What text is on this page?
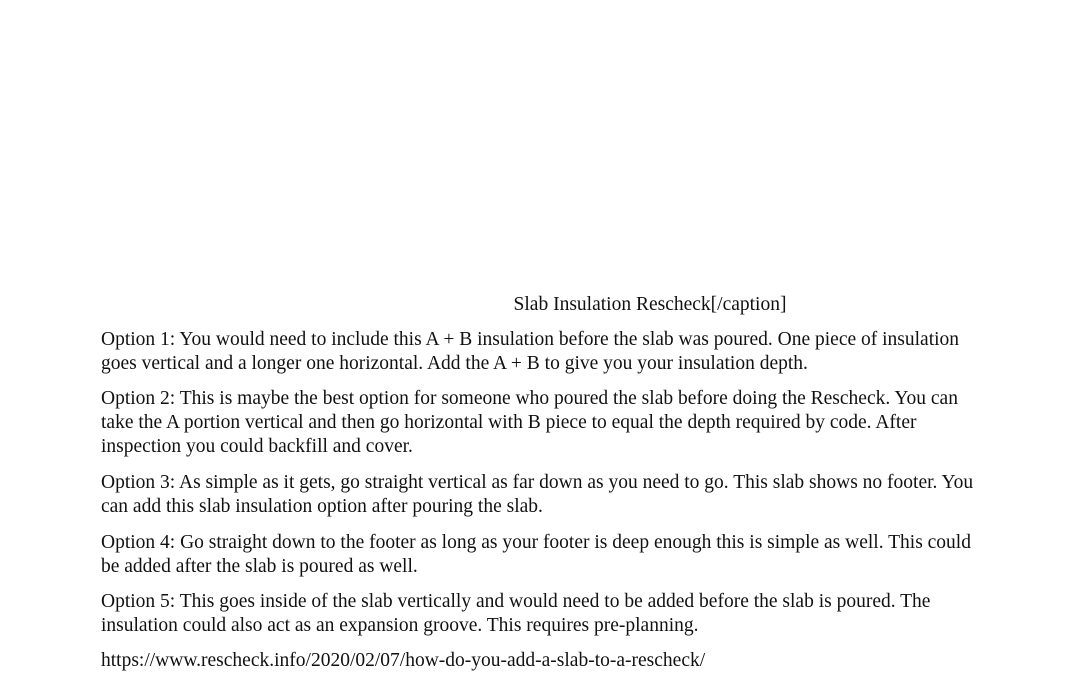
Slab Insulation Rescheck[/caption]

Option 1: You would need to include this A + B insulation before the slab was poured. One piece of insulation goes vertical and a longer one horizontal. Add the A + B to give you your insulation depth.

Option 2: This is maybe the best option for someone who poured the slab before doing the Rescheck. You can take the A portion vertical and then go horizontal with B piece to equal the depth required by code. After inspection you could backfill and cover.

Option 3: As simple as it gets, go straight vertical as far down as you need to go. This slab shows no footer. You can add this slab insulation option after pouring the slab.

Option 4: Go straight down to the footer as long as your footer is deep enough this is simple as well. This could be added after the slab is poured as well.

Option 5: This goes inside of the slab vertically and would need to be added before the slab is poured. The insulation could also act as an expansion groove. This requires pre-planning.

https://www.rescheck.info/2020/02/07/how-do-you-add-a-slab-to-a-rescheck/
